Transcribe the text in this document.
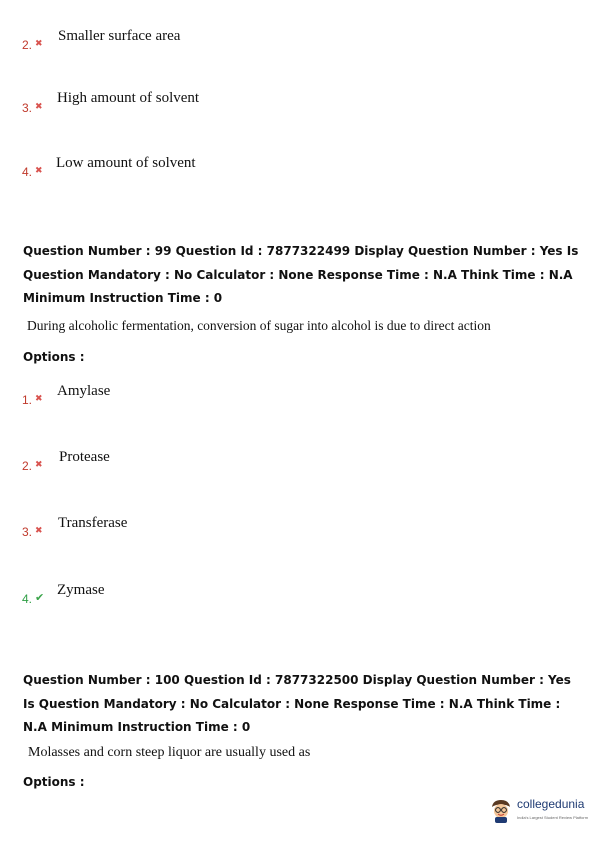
2. ✖ Smaller surface area
3. ✖
High amount of solvent
4. ✖ Low amount of solvent
Question Number : 99 Question Id : 7877322499 Display Question Number : Yes Is Question Mandatory : No Calculator : None Response Time : N.A Think Time : N.A Minimum Instruction Time : 0
During alcoholic fermentation, conversion of sugar into alcohol is due to direct action
Options :
1. ✖ Amylase
2. ✖ Protease
3. ✖ Transferase
4. ✔ Zymase
Question Number : 100 Question Id : 7877322500 Display Question Number : Yes Is Question Mandatory : No Calculator : None Response Time : N.A Think Time : N.A Minimum Instruction Time : 0
Molasses and corn steep liquor are usually used as
Options :
collegedunia
India's Largest Student Review Platform
